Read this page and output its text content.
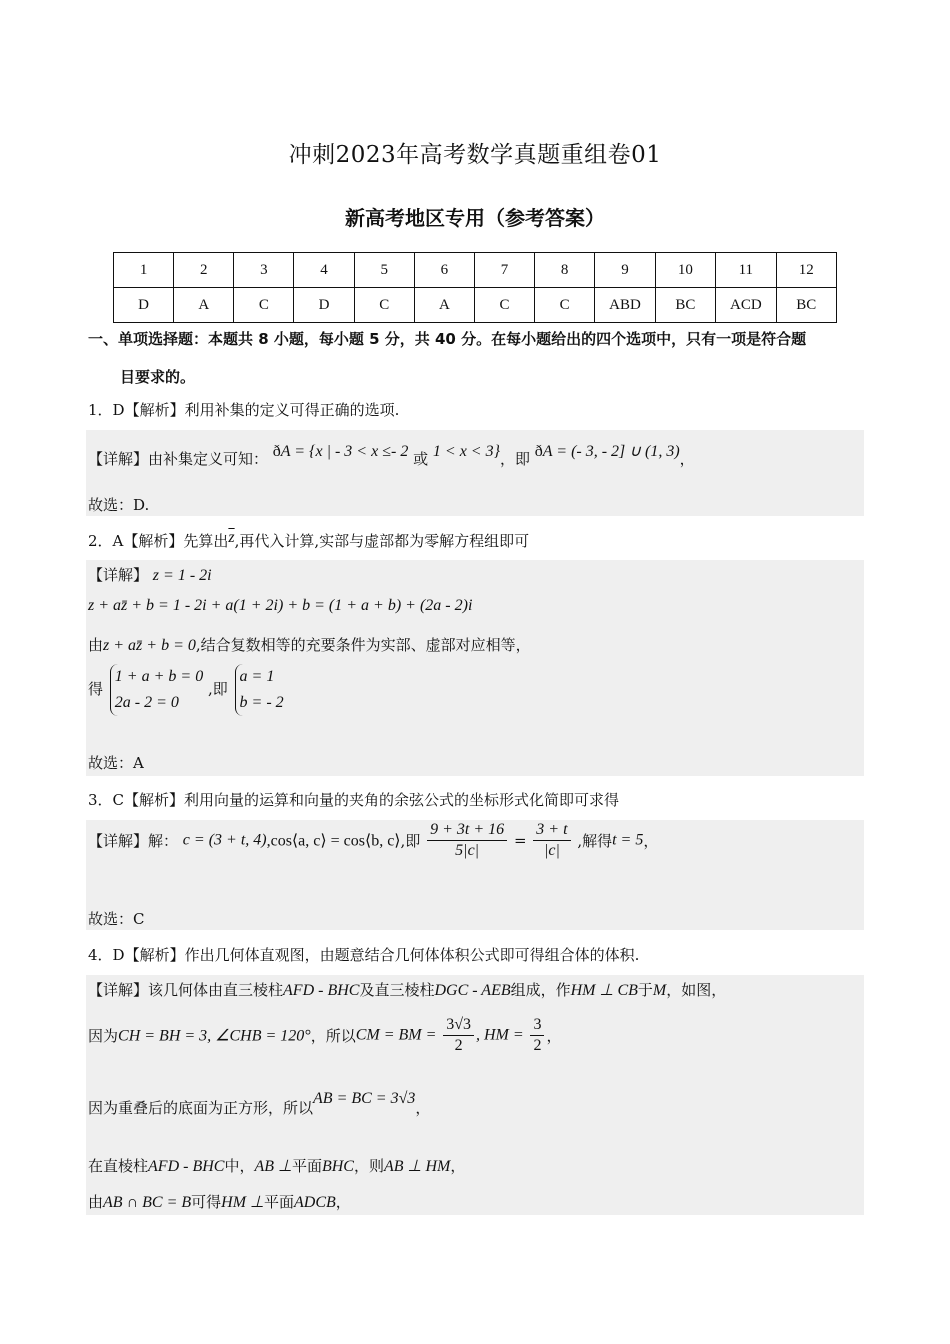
冲刺2023年高考数学真题重组卷01
新高考地区专用（参考答案）
1	2	3	4	5	6	7	8	9	10	11	12
D	A	C	D	C	A	C	C	ABD	BC	ACD	BC
一、单项选择题：本题共 8 小题，每小题 5 分，共 40 分。在每小题给出的四个选项中，只有一项是符合题
目要求的。
1．D【解析】利用补集的定义可得正确的选项.
【详解】由补集定义可知： ðA = {x | - 3 < x ≤- 2 或 1 < x < 3}，即 ðA = (- 3, - 2] ∪ (1, 3)，
故选：D.
2．A【解析】先算出$\overline{z}$,再代入计算,实部与虚部都为零解方程组即可
【详解】 z = 1 - 2i
z + az̄ + b = 1 - 2i + a(1 + 2i) + b = (1 + a + b) + (2a - 2)i
由z + az̄ + b = 0,结合复数相等的充要条件为实部、虚部对应相等，
得
1 + a + b = 0
2a - 2 = 0
,即
a = 1
b = - 2
故选：A
3．C【解析】利用向量的运算和向量的夹角的余弦公式的坐标形式化简即可求得
【详解】解： c = (3 + t, 4),cos⟨a, c⟩ = cos⟨b, c⟩,即 $\frac{9 + 3t + 16}{5|c|} = \frac{3 + t}{|c|}$ ,解得t = 5，
故选：C
4．D【解析】作出几何体直观图，由题意结合几何体体积公式即可得组合体的体积.
【详解】该几何体由直三棱柱AFD - BHC及直三棱柱DGC - AEB组成，作HM ⊥ CB于M，如图，
因为CH = BH = 3, ∠CHB = 120°，所以CM = BM = $\frac{3√3}{2}$ , HM = $\frac{3}{2}$ ，
因为重叠后的底面为正方形，所以AB = BC = 3√3，
在直棱柱AFD - BHC中，AB ⊥平面BHC，则AB ⊥ HM，
由AB ∩ BC = B可得HM ⊥平面ADCB，
